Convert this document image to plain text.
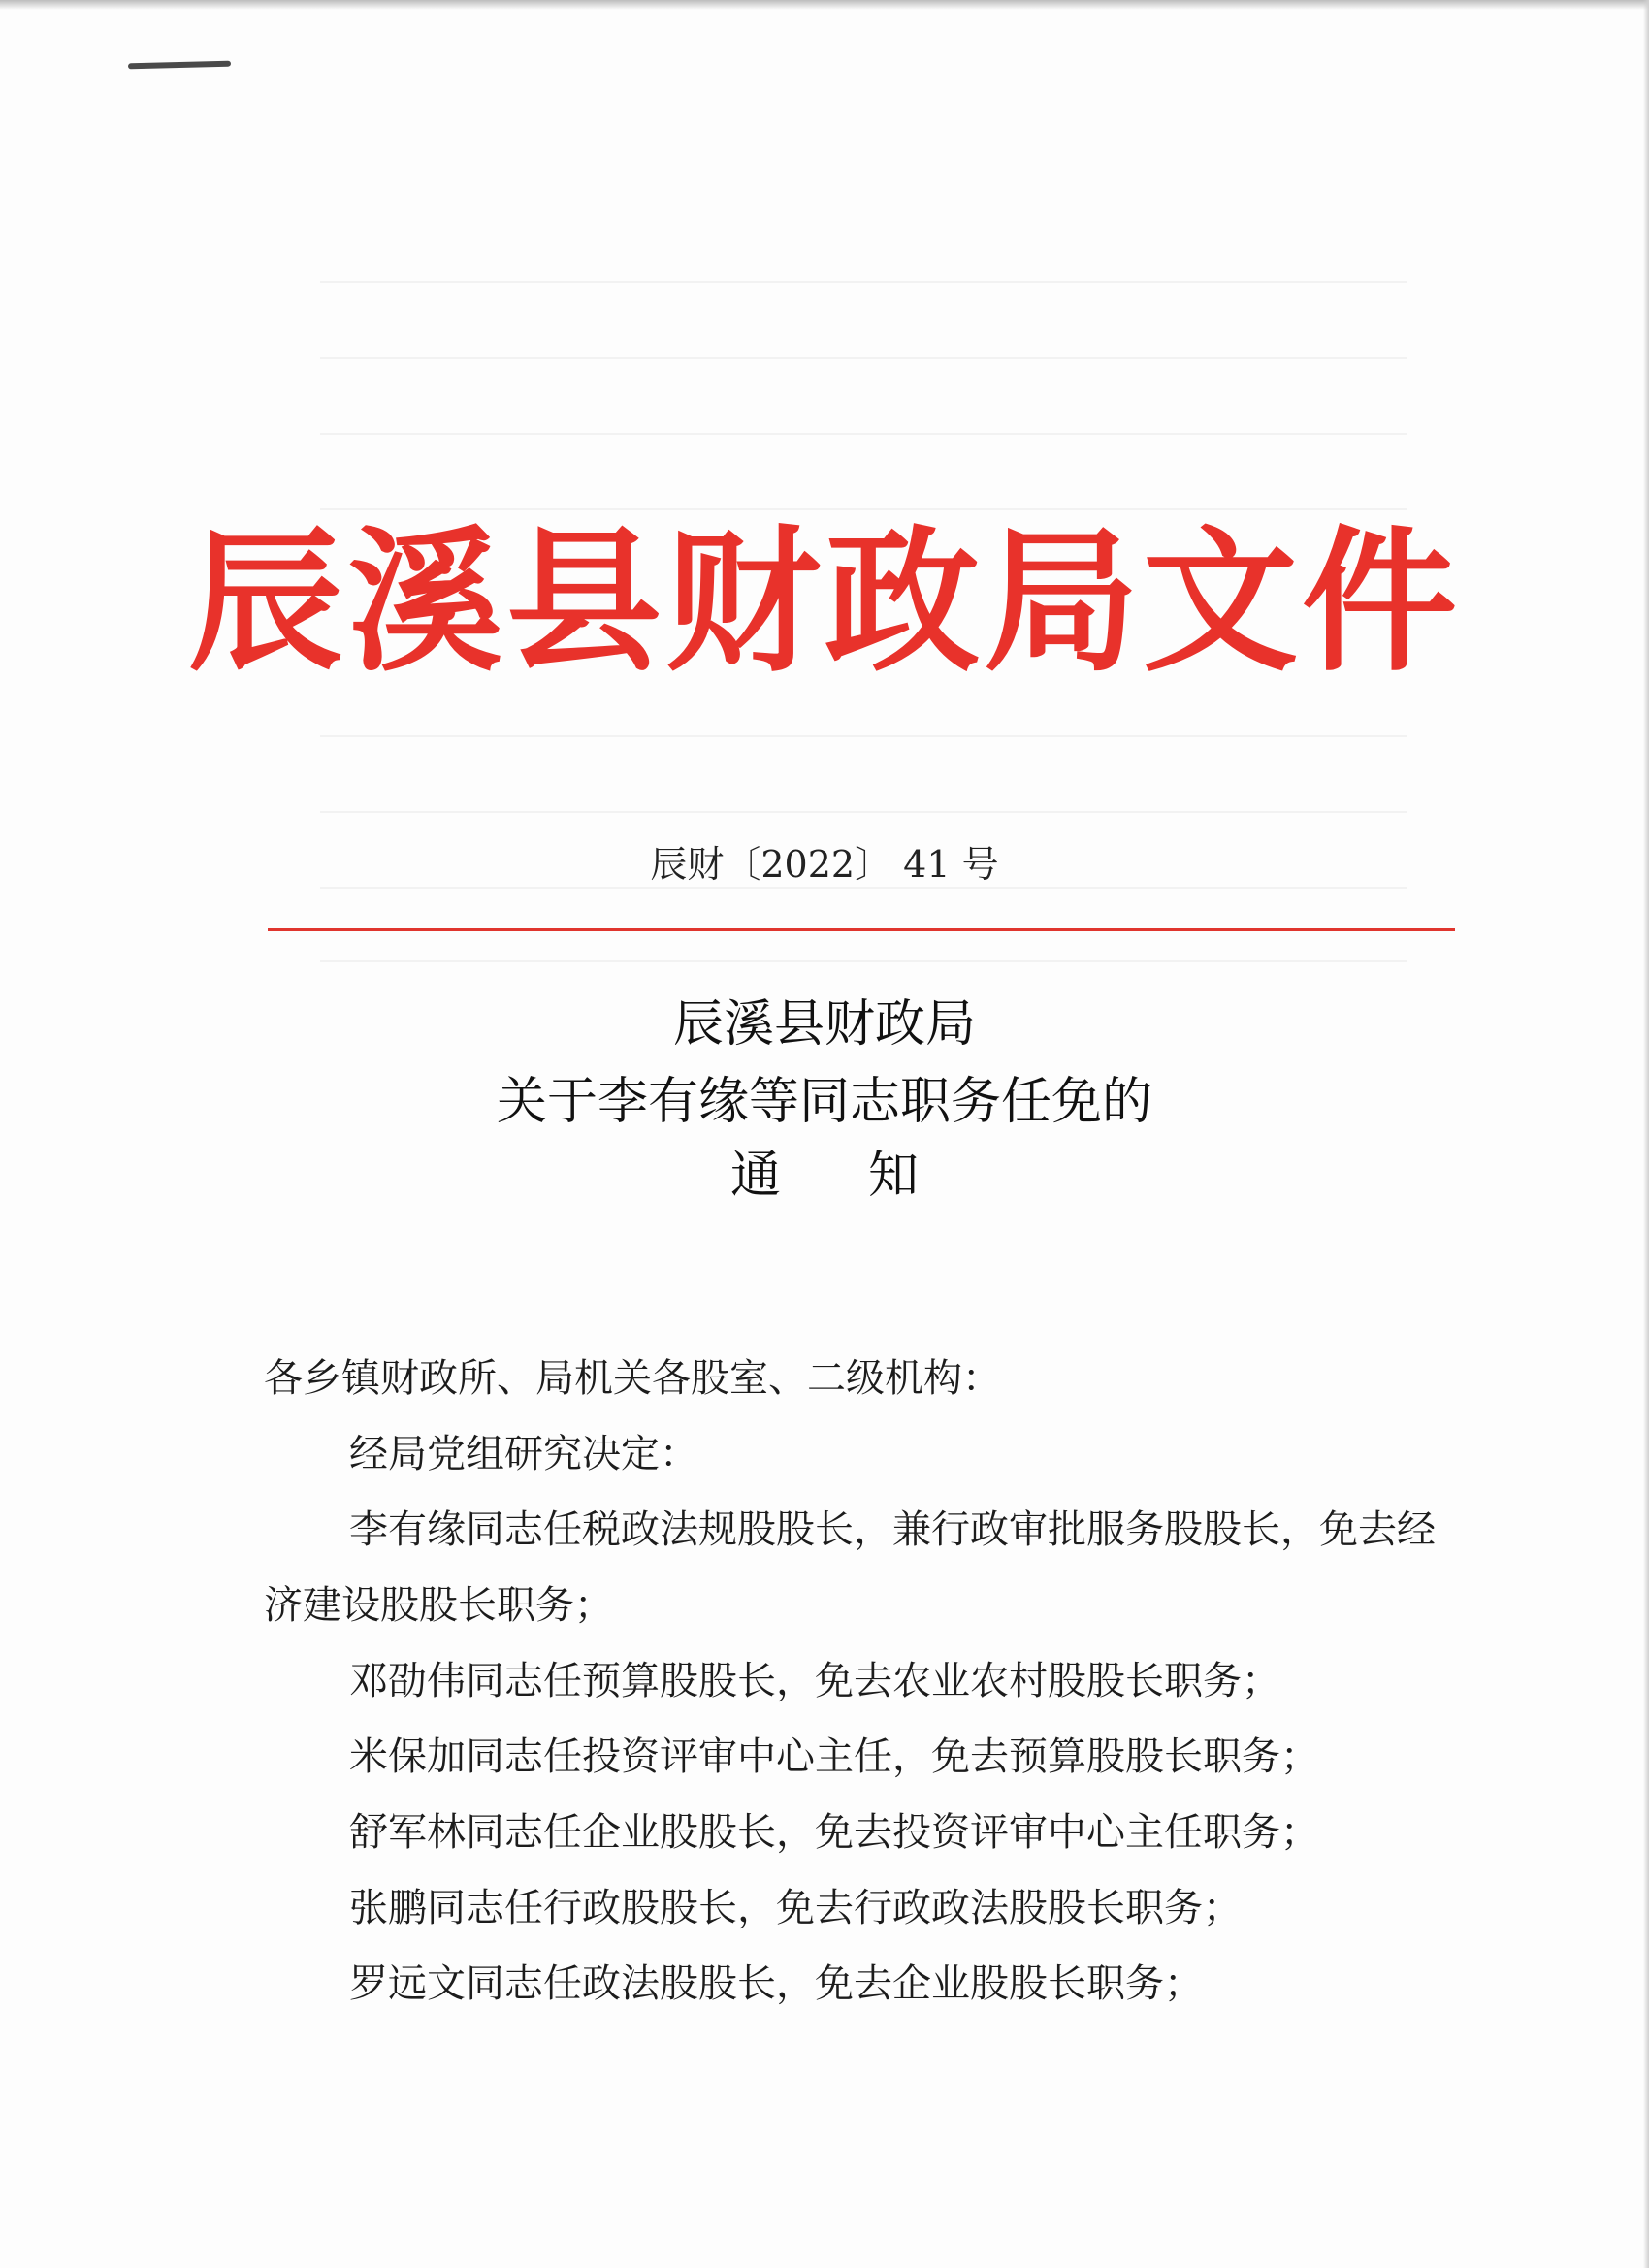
辰溪县财政局文件
辰财〔2022〕 41 号
辰溪县财政局
关于李有缘等同志职务任免的
通知
各乡镇财政所、局机关各股室、二级机构：

经局党组研究决定：

李有缘同志任税政法规股股长，兼行政审批服务股股长，免去经济建设股股长职务；

邓劭伟同志任预算股股长，免去农业农村股股长职务；

米保加同志任投资评审中心主任，免去预算股股长职务；

舒军林同志任企业股股长，免去投资评审中心主任职务；

张鹏同志任行政股股长，免去行政政法股股长职务；

罗远文同志任政法股股长，免去企业股股长职务；
